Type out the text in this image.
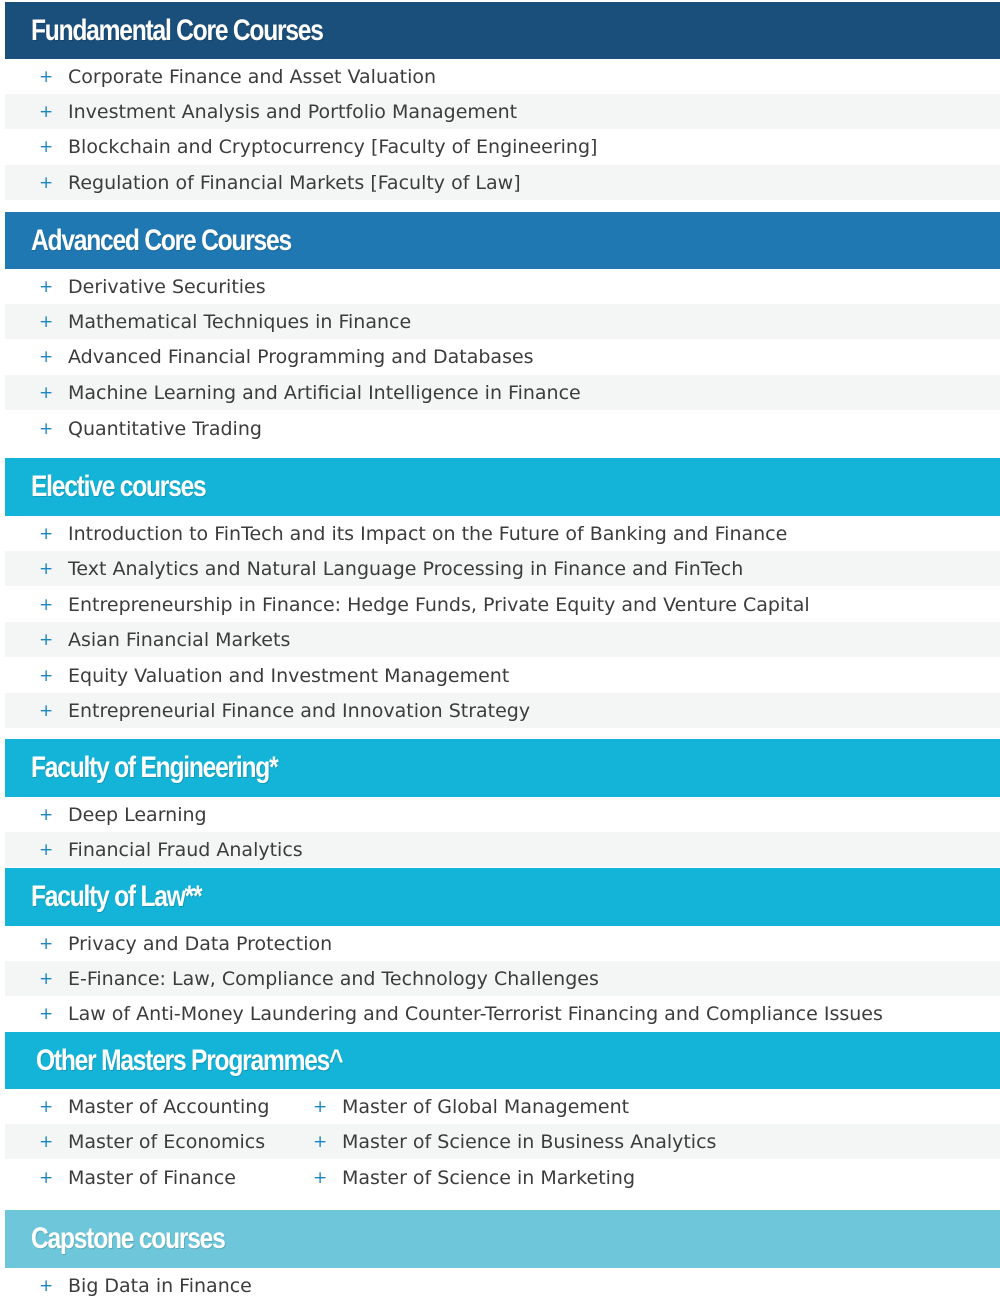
Fundamental Core Courses
+ Corporate Finance and Asset Valuation
+ Investment Analysis and Portfolio Management
+ Blockchain and Cryptocurrency [Faculty of Engineering]
+ Regulation of Financial Markets [Faculty of Law]
Advanced Core Courses
+ Derivative Securities
+ Mathematical Techniques in Finance
+ Advanced Financial Programming and Databases
+ Machine Learning and Artificial Intelligence in Finance
+ Quantitative Trading
Elective courses
+ Introduction to FinTech and its Impact on the Future of Banking and Finance
+ Text Analytics and Natural Language Processing in Finance and FinTech
+ Entrepreneurship in Finance: Hedge Funds, Private Equity and Venture Capital
+ Asian Financial Markets
+ Equity Valuation and Investment Management
+ Entrepreneurial Finance and Innovation Strategy
Faculty of Engineering*
+ Deep Learning
+ Financial Fraud Analytics
Faculty of Law**
+ Privacy and Data Protection
+ E-Finance: Law, Compliance and Technology Challenges
+ Law of Anti-Money Laundering and Counter-Terrorist Financing and Compliance Issues
Other Masters Programmes^
+ Master of Accounting	+ Master of Global Management
+ Master of Economics	+ Master of Science in Business Analytics
+ Master of Finance	+ Master of Science in Marketing
Capstone courses
+ Big Data in Finance
